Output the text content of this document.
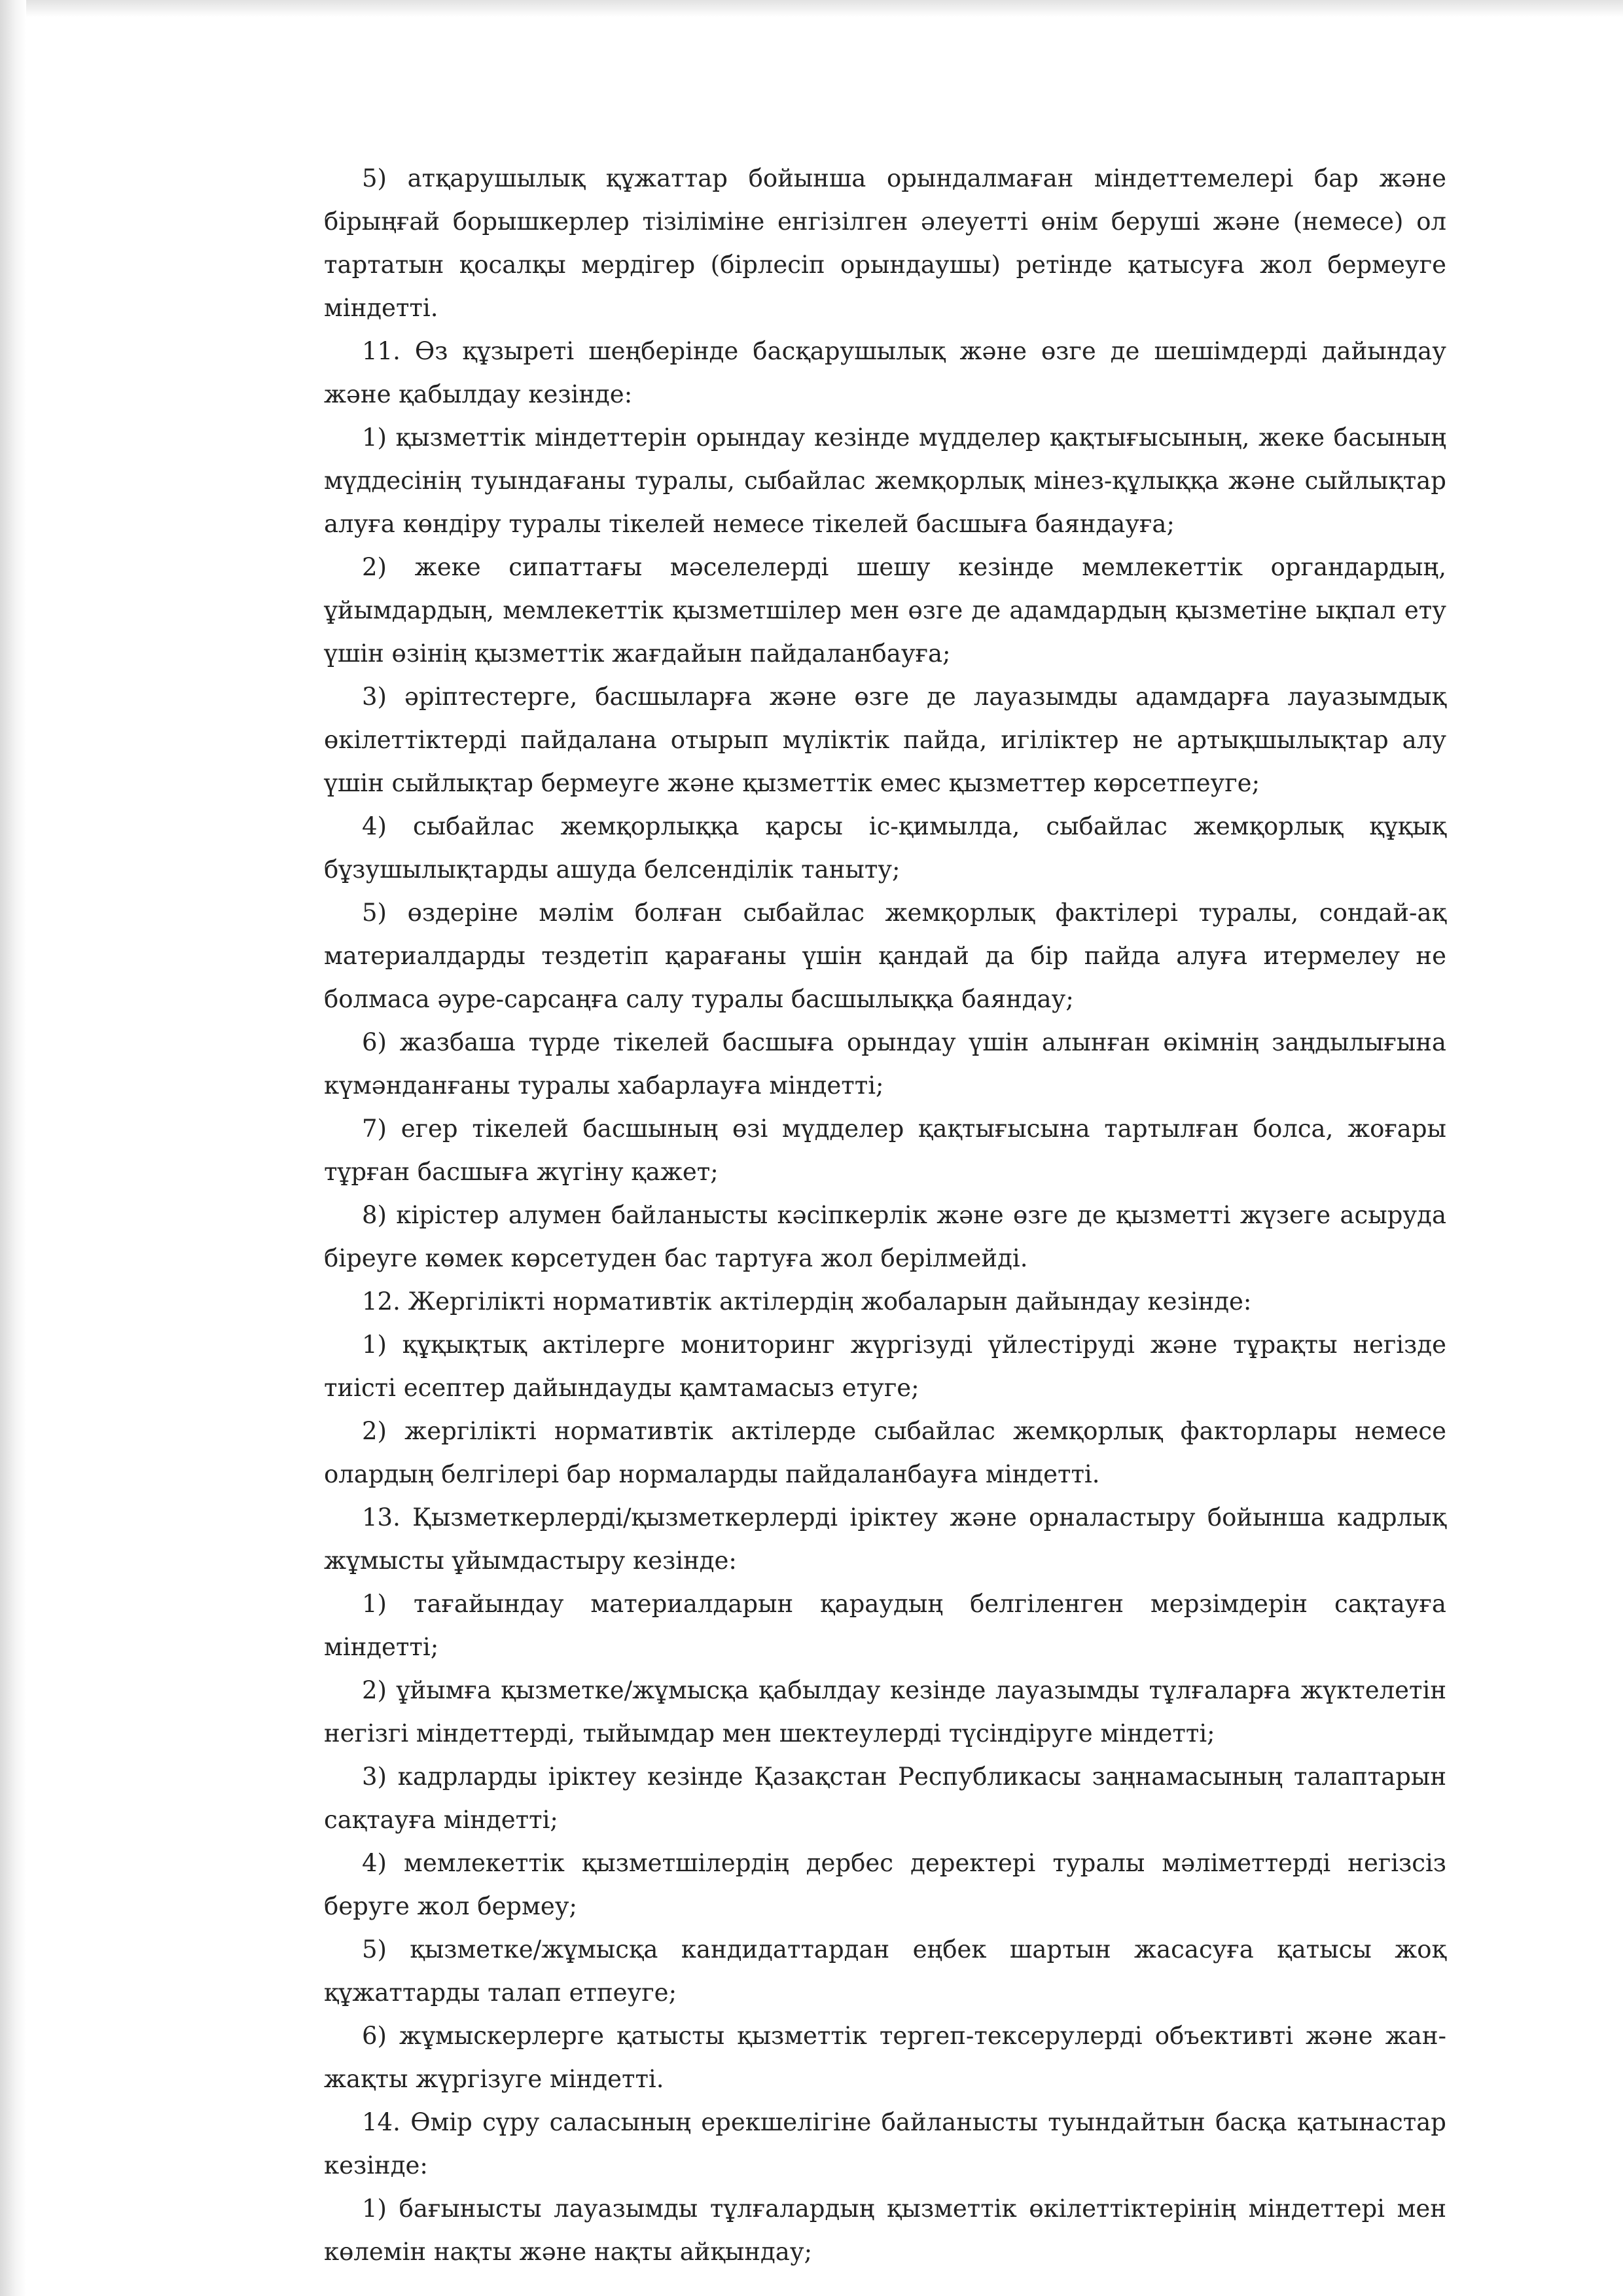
5) атқарушылық құжаттар бойынша орындалмаған міндеттемелері бар және бірыңғай борышкерлер тізіліміне енгізілген әлеуетті өнім беруші және (немесе) ол тартатын қосалқы мердігер (бірлесіп орындаушы) ретінде қатысуға жол бермеуге міндетті.

11. Өз құзыреті шеңберінде басқарушылық және өзге де шешімдерді дайындау және қабылдау кезінде:

1) қызметтік міндеттерін орындау кезінде мүдделер қақтығысының, жеке басының мүддесінің туындағаны туралы, сыбайлас жемқорлық мінез-құлыққа және сыйлықтар алуға көндіру туралы тікелей немесе тікелей басшыға баяндауға;

2) жеке сипаттағы мәселелерді шешу кезінде мемлекеттік органдардың, ұйымдардың, мемлекеттік қызметшілер мен өзге де адамдардың қызметіне ықпал ету үшін өзінің қызметтік жағдайын пайдаланбауға;

3) әріптестерге, басшыларға және өзге де лауазымды адамдарға лауазымдық өкілеттіктерді пайдалана отырып мүліктік пайда, игіліктер не артықшылықтар алу үшін сыйлықтар бермеуге және қызметтік емес қызметтер көрсетпеуге;

4) сыбайлас жемқорлыққа қарсы іс-қимылда, сыбайлас жемқорлық құқық бұзушылықтарды ашуда белсенділік таныту;

5) өздеріне мәлім болған сыбайлас жемқорлық фактілері туралы, сондай-ақ материалдарды тездетіп қарағаны үшін қандай да бір пайда алуға итермелеу не болмаса әуре-сарсаңға салу туралы басшылыққа баяндау;

6) жазбаша түрде тікелей басшыға орындау үшін алынған өкімнің заңдылығына күмәнданғаны туралы хабарлауға міндетті;

7) егер тікелей басшының өзі мүдделер қақтығысына тартылған болса, жоғары тұрған басшыға жүгіну қажет;

8) кірістер алумен байланысты кәсіпкерлік және өзге де қызметті жүзеге асыруда біреуге көмек көрсетуден бас тартуға жол берілмейді.

12. Жергілікті нормативтік актілердің жобаларын дайындау кезінде:

1) құқықтық актілерге мониторинг жүргізуді үйлестіруді және тұрақты негізде тиісті есептер дайындауды қамтамасыз етуге;

2) жергілікті нормативтік актілерде сыбайлас жемқорлық факторлары немесе олардың белгілері бар нормаларды пайдаланбауға міндетті.

13. Қызметкерлерді/қызметкерлерді іріктеу және орналастыру бойынша кадрлық жұмысты ұйымдастыру кезінде:

1) тағайындау материалдарын қараудың белгіленген мерзімдерін сақтауға міндетті;

2) ұйымға қызметке/жұмысқа қабылдау кезінде лауазымды тұлғаларға жүктелетін негізгі міндеттерді, тыйымдар мен шектеулерді түсіндіруге міндетті;

3) кадрларды іріктеу кезінде Қазақстан Республикасы заңнамасының талаптарын сақтауға міндетті;

4) мемлекеттік қызметшілердің дербес деректері туралы мәліметтерді негізсіз беруге жол бермеу;

5) қызметке/жұмысқа кандидаттардан еңбек шартын жасасуға қатысы жоқ құжаттарды талап етпеуге;

6) жұмыскерлерге қатысты қызметтік тергеп-тексерулерді объективті және жан-жақты жүргізуге міндетті.

14. Өмір сүру саласының ерекшелігіне байланысты туындайтын басқа қатынастар кезінде:

1) бағынысты лауазымды тұлғалардың қызметтік өкілеттіктерінің міндеттері мен көлемін нақты және нақты айқындау;
